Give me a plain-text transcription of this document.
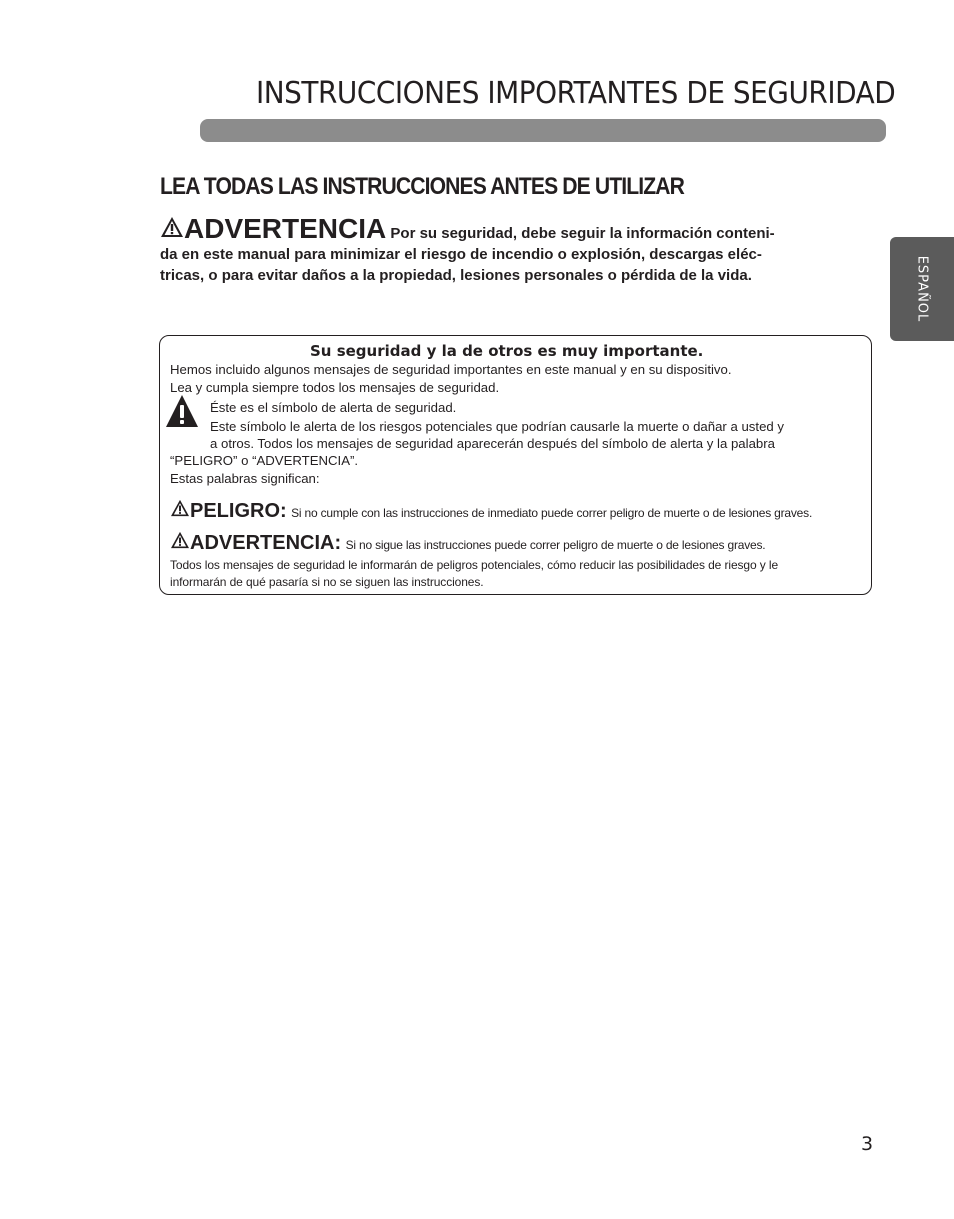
INSTRUCCIONES IMPORTANTES DE SEGURIDAD
ESPAÑOL
LEA TODAS LAS INSTRUCCIONES ANTES DE UTILIZAR
ADVERTENCIA Por su seguridad, debe seguir la información conteni-
da en este manual para minimizar el riesgo de incendio o explosión, descargas eléc-
tricas, o para evitar daños a la propiedad, lesiones personales o pérdida de la vida.
Su seguridad y la de otros es muy importante.
Hemos incluido algunos mensajes de seguridad importantes en este manual y en su dispositivo.
Lea y cumpla siempre todos los mensajes de seguridad.
Éste es el símbolo de alerta de seguridad.
Este símbolo le alerta de los riesgos potenciales que podrían causarle la muerte o dañar a usted y
a otros. Todos los mensajes de seguridad aparecerán después del símbolo de alerta y la palabra
“PELIGRO” o “ADVERTENCIA”.
Estas palabras significan:
PELIGRO: Si no cumple con las instrucciones de inmediato puede correr peligro de muerte o de lesiones graves.
ADVERTENCIA: Si no sigue las instrucciones puede correr peligro de muerte o de lesiones graves.
Todos los mensajes de seguridad le informarán de peligros potenciales, cómo reducir las posibilidades de riesgo y le
informarán de qué pasaría si no se siguen las instrucciones.
3
